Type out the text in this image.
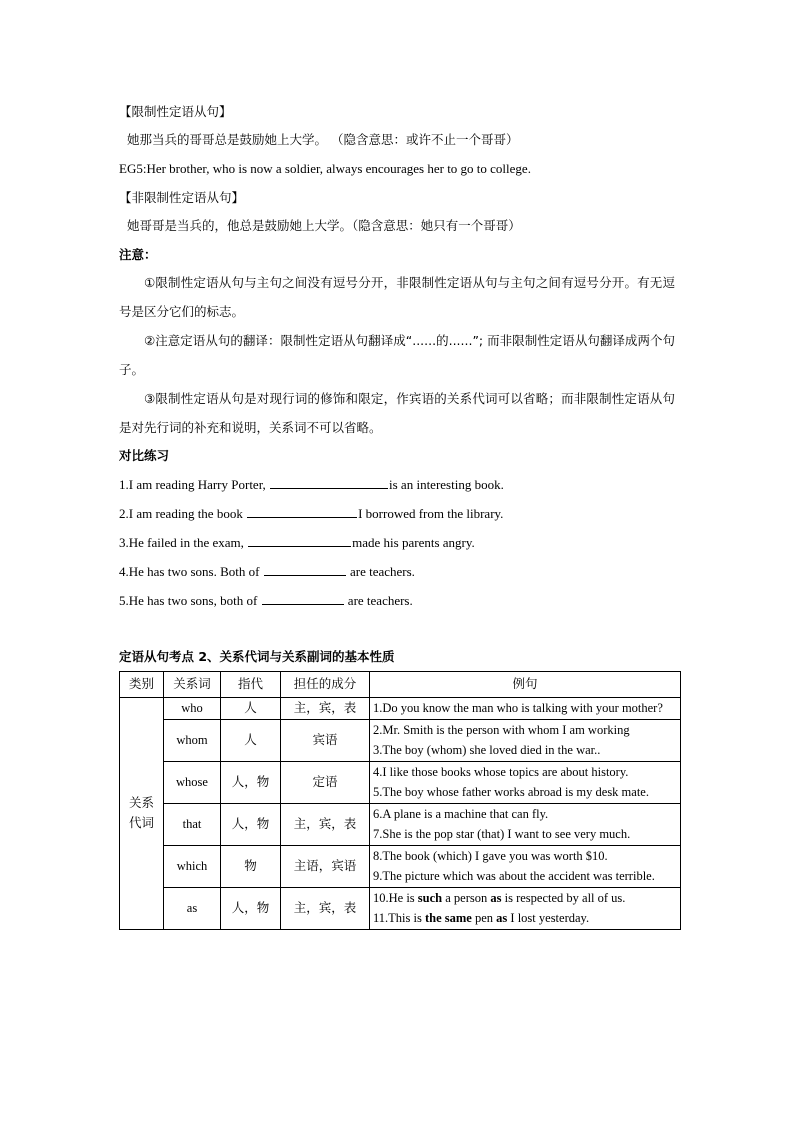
【限制性定语从句】
她那当兵的哥哥总是鼓励她上大学。 （隐含意思：或许不止一个哥哥）
EG5:Her brother, who is now a soldier, always encourages her to go to college.
【非限制性定语从句】
她哥哥是当兵的，他总是鼓励她上大学。（隐含意思：她只有一个哥哥）
注意：
①限制性定语从句与主句之间没有逗号分开，非限制性定语从句与主句之间有逗号分开。有无逗号是区分它们的标志。
②注意定语从句的翻译：限制性定语从句翻译成“......的......”; 而非限制性定语从句翻译成两个句子。
③限制性定语从句是对现行词的修饰和限定，作宾语的关系代词可以省略；而非限制性定语从句是对先行词的补充和说明，关系词不可以省略。
对比练习
1.I am reading Harry Porter,	is an interesting book.
2.I am reading the book	I borrowed from the library.
3.He failed in the exam,	made his parents angry.
4.He has two sons. Both of	are teachers.
5.He has two sons, both of	are teachers.
定语从句考点 2、关系代词与关系副词的基本性质
类别	关系词	指代	担任的成分	例句

关系
代词	who	人	主，宾，表	1.Do you know the man who is talking with your mother?

	whom	人	宾语	2.Mr. Smith is the person with whom I am working
3.The boy (whom) she loved died in the war..

	whose	人，物	定语	4.I like those books whose topics are about history.
5.The boy whose father works abroad is my desk mate.

	that	人，物	主，宾，表	6.A plane is a machine that can fly.
7.She is the pop star (that) I want to see very much.

	which	物	主语，宾语	8.The book (which) I gave you was worth $10.
9.The picture which was about the accident was terrible.

	as	人，物	主，宾，表	10.He is such a person as is respected by all of us.
11.This is the same pen as I lost yesterday.
